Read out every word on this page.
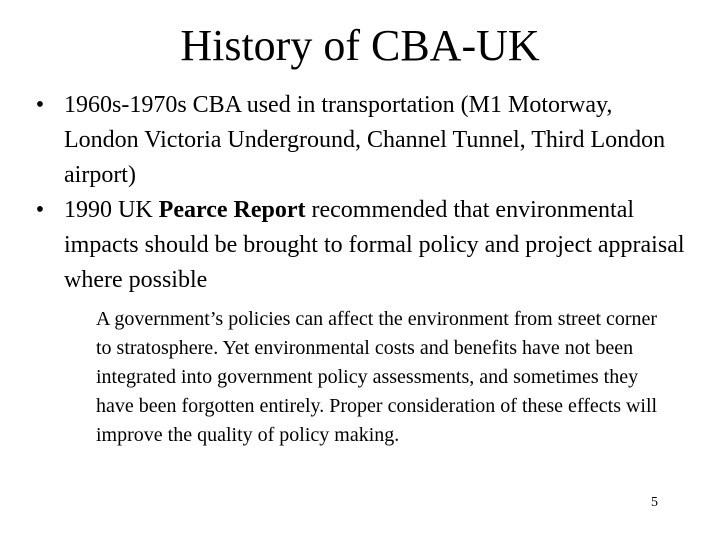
History of CBA-UK
• 1960s-1970s CBA used in transportation (M1 Motorway, London Victoria Underground, Channel Tunnel, Third London airport)
• 1990 UK Pearce Report recommended that environmental impacts should be brought to formal policy and project appraisal where possible

A government’s policies can affect the environment from street corner to stratosphere. Yet environmental costs and benefits have not been integrated into government policy assessments, and sometimes they have been forgotten entirely. Proper consideration of these effects will improve the quality of policy making.

5
